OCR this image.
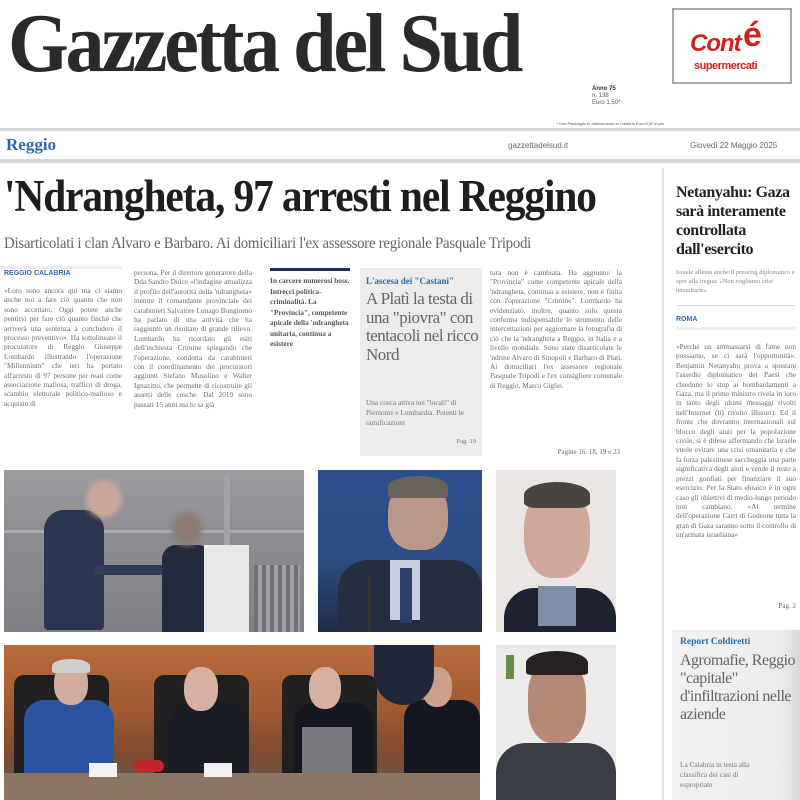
Gazzetta del Sud	Anno 75
n. 138
Euro 1,50*
* Con Passaggio in abbinamento in Calabria Euro 0,50 in più
Cont é
supermercati
Reggio	gazzettadelsud.it	Giovedì 22 Maggio 2025
'Ndrangheta, 97 arresti nel Reggino
Disarticolati i clan Alvaro e Barbaro. Ai domiciliari l'ex assessore regionale Pasquale Tripodi
REGGIO CALABRIA
«Loro sono ancora qui ma ci siamo anche noi a fare ciò quanto che non sono accettato. Oggi potete anche pentirvi per fare ciò quanto finché che arriverà una sentenza a concludere il processo preventivo». Ha sottolineato il procuratore di Reggio Giuseppe Lombardo illustrando l'operazione "Millennium" che ieri ha portato all'arresto di 97 persone per reati come associazione mafiosa, traffico di droga, scambio elettorale politico-mafioso e acquisto di
persona. Per il direttore generatore della Dda Sandro Dolce «l'indagine attualizza il profilo dell'autorità della 'ndrangheta» mentre il comandante provinciale dei carabinieri Salvatore Lunago Bongiorno ha parlato di una attività che ha raggiunto un risultato di grande rilievo. Lombardo ha ricordato gli esiti dell'inchiesta Crimine spiegando che l'operazione, condotta da carabinieri con il coordinamento dei procuratori aggiunti Stefano Musolino e Walter Ignazitto, che permette di ricostruire gli assetti delle cosche. Dal 2019 sono passati 15 anni ma lo sa già
In carcere numerosi boss. Intrecci politica-criminalità. La "Provincia", competente apicale della 'ndrangheta unitaria, continua a esistere
L'ascesa dei "Castani"
A Platì la testa di una "piovra" con tentacoli nel ricco Nord
Una cosca attiva nei "locali" di Piemonte e Lombardia. Potenti le ramificazioni
Pag. 19
tura non è cambiata. Ha aggiunto: la "Provincia" come competente apicale della 'ndrangheta, continua a esistere, non è finita con l'operazione "Crimine". Lombardo ha evidenziato, inoltre, quanto solo questa conferma indispensabile lo strumento delle intercettazioni per aggiornare la fotografia di ciò che la 'ndrangheta a Reggio, in Italia e a livello mondiale. Sono state disarticolate le 'ndrine Alvaro di Sinopoli e Barbaro di Platì. Ai domiciliari l'ex assessore regionale Pasquale Tripodi e l'ex consigliere comunale di Reggio, Marco Giglio.
Pagine 16, 18, 19 e 23
Netanyahu: Gaza sarà interamente controllata dall'esercito
Israele allenta anche il pressing diplomatico e apre alla tregua: «Non vogliamo crisi umanitarie»
ROMA
«Perché un ammassarsi di fame non possiamo, se ci sarà l'opportunità». Benjamin Netanyahu prova a spostare l'assedio diplomatico dei Paesi che chiedono lo stop ai bombardamenti a Gaza, ma il primo ministro rivela in loro in tanto degli ultimi messaggi rivolti nell'Internet (lì) rivolto illusori). Ed il fronte che dovranno internazionali sul blocco degli aiuti per la popolazione civile, si è difeso affermando che Israele vuole evitare una crisi umanitaria e che la forza palestinese saccheggia una parte significativa degli aiuti e vende il resto a prezzi gonfiati per finanziare il suo esercizio. Per la Stato ebraico è in ogni caso gli obiettivi di medio-lungo periodo non cambiano. «Al termine dell'operazione Carri di Gedeone tutta la gran di Gaza saranno sotto il controllo di un'armata israeliana»
Pag. 2
Report Coldiretti
Agromafie, Reggio "capitale" d'infiltrazioni nelle aziende
La Calabria in testa alla classifica dei casi di espropriate
